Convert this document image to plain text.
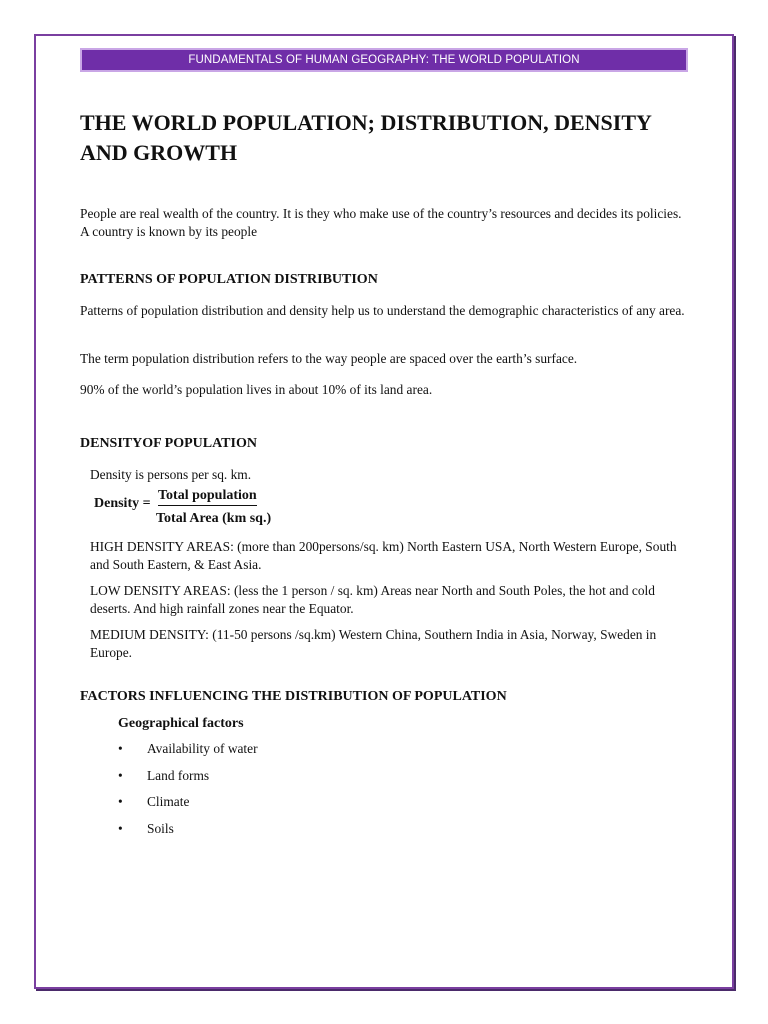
FUNDAMENTALS OF HUMAN GEOGRAPHY: THE WORLD POPULATION
THE WORLD POPULATION; DISTRIBUTION, DENSITY AND GROWTH

People are real wealth of the country. It is they who make use of the country’s resources and decides its policies. A country is known by its people

PATTERNS OF POPULATION DISTRIBUTION

Patterns of population distribution and density help us to understand the demographic characteristics of any area.

The term population distribution refers to the way people are spaced over the earth’s surface.

90% of the world’s population lives in about 10% of its land area.

DENSITYOF POPULATION

Density is persons per sq. km.

Density =
Total population
Total Area (km sq.)

HIGH DENSITY AREAS: (more than 200persons/sq. km) North Eastern USA, North Western Europe, South and South Eastern, & East Asia.

LOW DENSITY AREAS: (less the 1 person / sq. km) Areas near North and South Poles, the hot and cold deserts. And high rainfall zones near the Equator.

MEDIUM DENSITY: (11-50 persons /sq.km) Western China, Southern India in Asia, Norway, Sweden in Europe.

FACTORS INFLUENCING THE DISTRIBUTION OF POPULATION
Geographical factors
• Availability of water
• Land forms
• Climate
• Soils
